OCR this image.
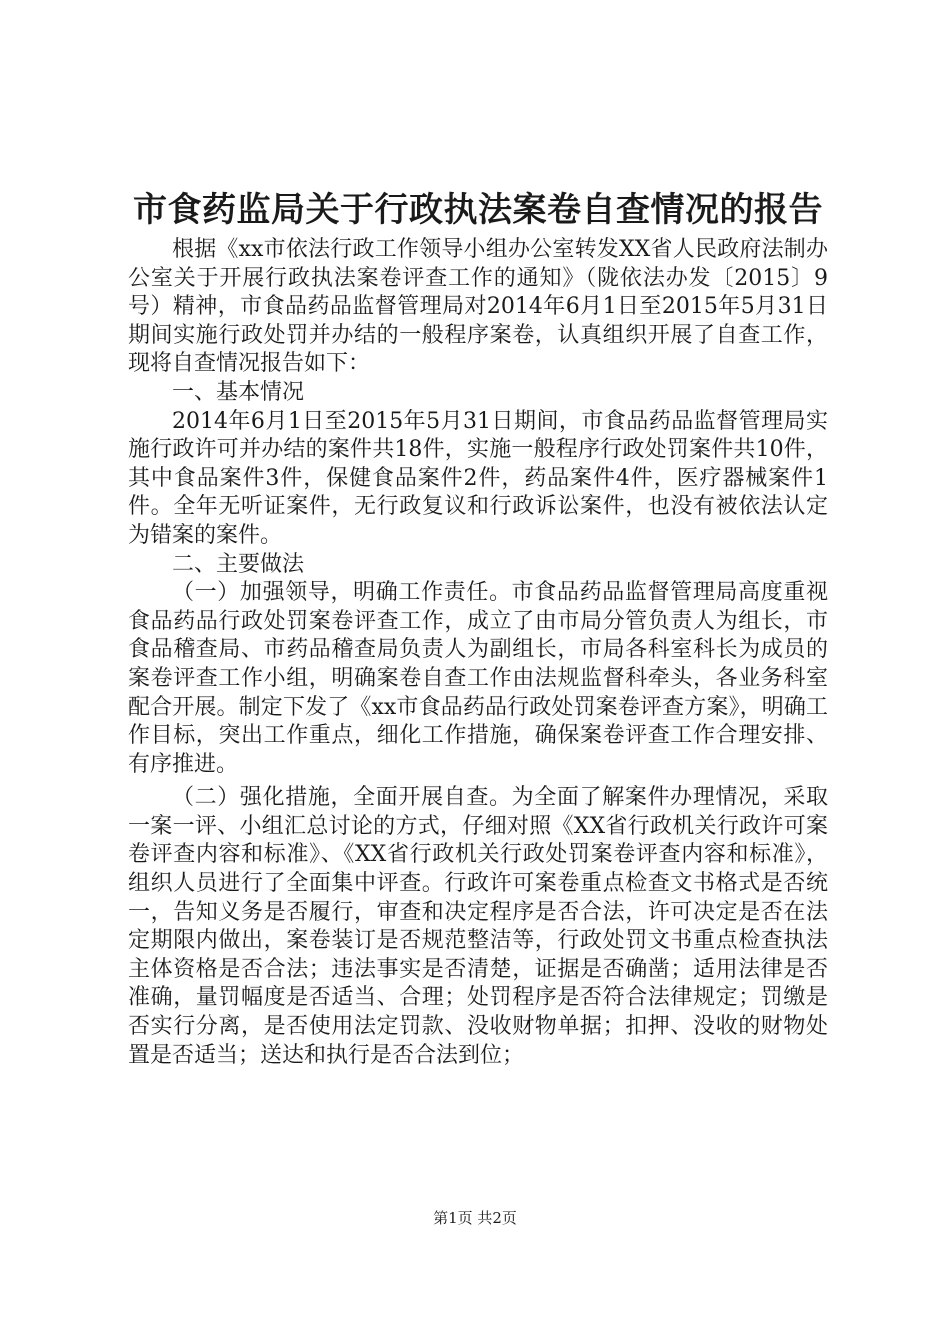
市食药监局关于行政执法案卷自查情况的报告

根据《xx市依法行政工作领导小组办公室转发XX省人民政府法制办公室关于开展行政执法案卷评查工作的通知》（陇依法办发〔2015〕9号）精神，市食品药品监督管理局对2014年6月1日至2015年5月31日期间实施行政处罚并办结的一般程序案卷，认真组织开展了自查工作，现将自查情况报告如下：

一、基本情况

2014年6月1日至2015年5月31日期间，市食品药品监督管理局实施行政许可并办结的案件共18件，实施一般程序行政处罚案件共10件，其中食品案件3件，保健食品案件2件，药品案件4件，医疗器械案件1件。全年无听证案件，无行政复议和行政诉讼案件，也没有被依法认定为错案的案件。

二、主要做法

（一）加强领导，明确工作责任。市食品药品监督管理局高度重视食品药品行政处罚案卷评查工作，成立了由市局分管负责人为组长，市食品稽查局、市药品稽查局负责人为副组长，市局各科室科长为成员的案卷评查工作小组，明确案卷自查工作由法规监督科牵头，各业务科室配合开展。制定下发了《xx市食品药品行政处罚案卷评查方案》，明确工作目标，突出工作重点，细化工作措施，确保案卷评查工作合理安排、有序推进。

（二）强化措施，全面开展自查。为全面了解案件办理情况，采取一案一评、小组汇总讨论的方式，仔细对照《XX省行政机关行政许可案卷评查内容和标准》、《XX省行政机关行政处罚案卷评查内容和标准》，组织人员进行了全面集中评查。行政许可案卷重点检查文书格式是否统一，告知义务是否履行，审查和决定程序是否合法，许可决定是否在法定期限内做出，案卷装订是否规范整洁等，行政处罚文书重点检查执法主体资格是否合法；违法事实是否清楚，证据是否确凿；适用法律是否准确，量罚幅度是否适当、合理；处罚程序是否符合法律规定；罚缴是否实行分离，是否使用法定罚款、没收财物单据；扣押、没收的财物处置是否适当；送达和执行是否合法到位；

第1页 共2页
